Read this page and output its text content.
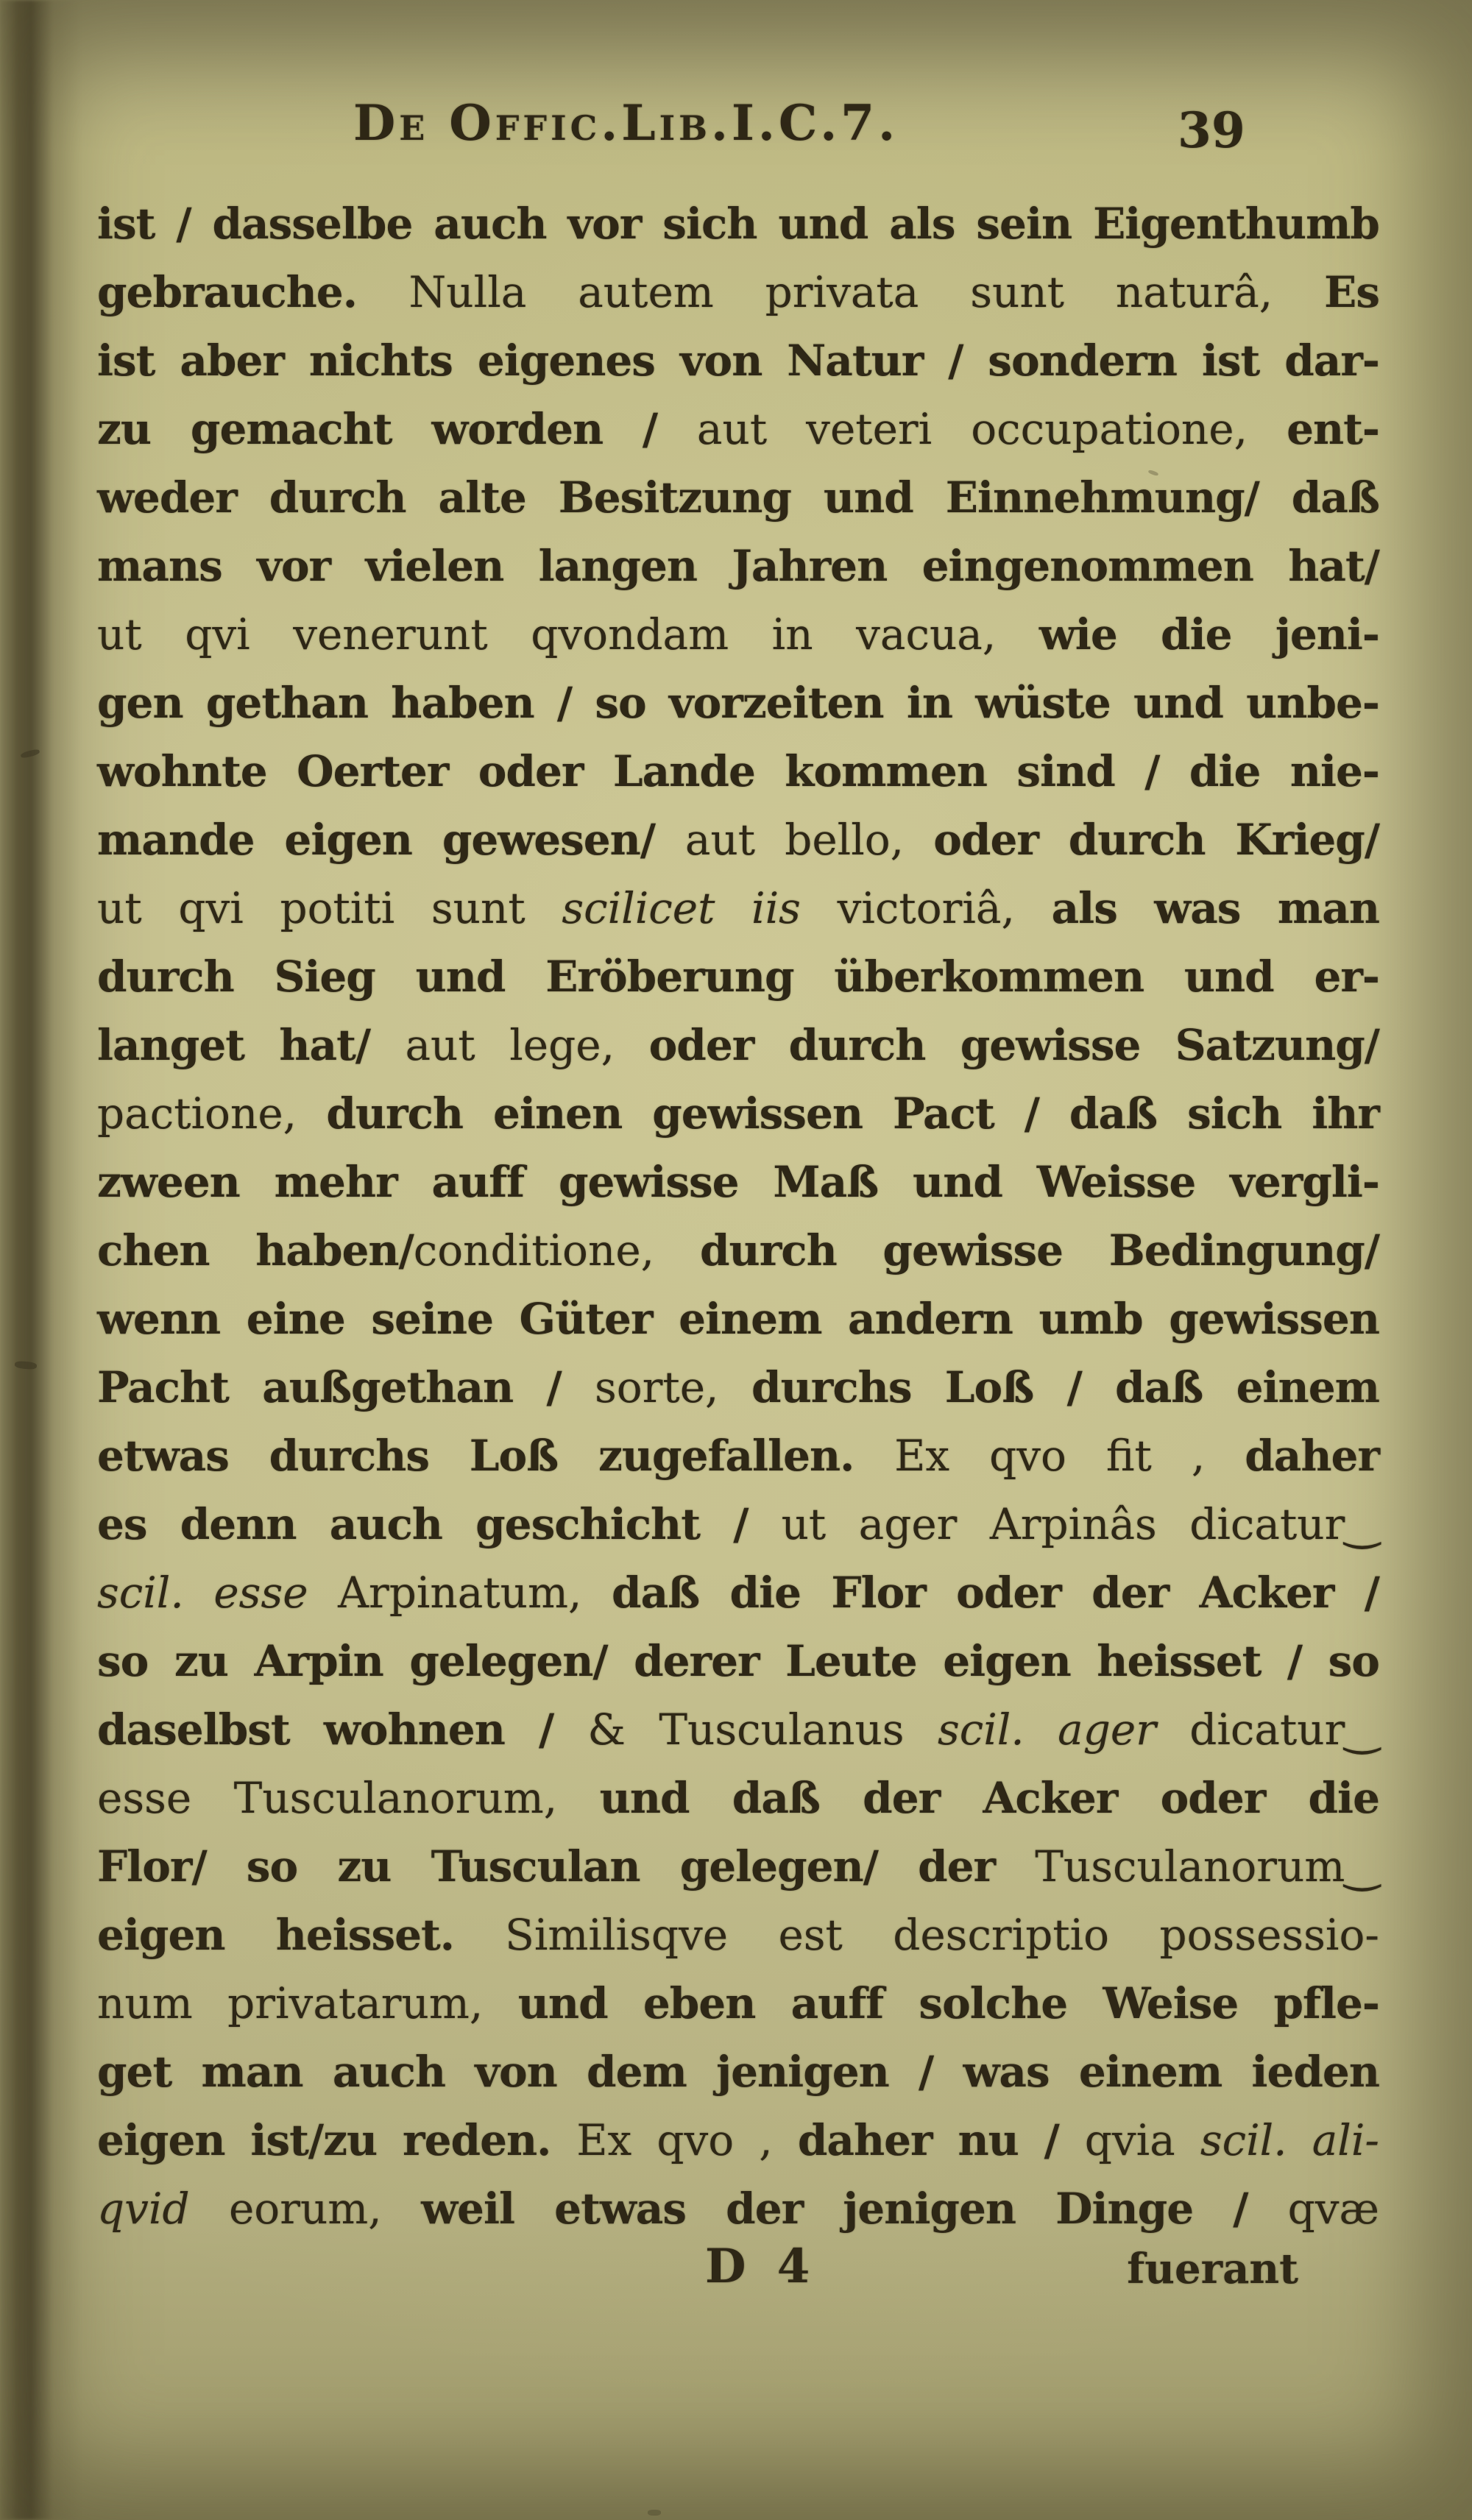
De Offic.Lib.I.C.7.	39
ist / dasselbe auch vor sich und als sein Eigenthumb
gebrauche. Nulla autem privata sunt naturâ, Es
ist aber nichts eigenes von Natur / sondern ist dar-
zu gemacht worden / aut veteri occupatione, ent-
weder durch alte Besitzung und Einnehmung/ daß
mans vor vielen langen Jahren eingenommen hat/
ut qvi venerunt qvondam in vacua, wie die jeni-
gen gethan haben / so vorzeiten in wüste und unbe-
wohnte Oerter oder Lande kommen sind / die nie-
mande eigen gewesen/ aut bello, oder durch Krieg/
ut qvi potiti sunt scilicet iis victoriâ, als was man
durch Sieg und Eröberung überkommen und er-
langet hat/ aut lege, oder durch gewisse Satzung/
pactione, durch einen gewissen Pact / daß sich ihr
zween mehr auff gewisse Maß und Weisse vergli-
chen haben/conditione, durch gewisse Bedingung/
wenn eine seine Güter einem andern umb gewissen
Pacht außgethan / sorte, durchs Loß / daß einem
etwas durchs Loß zugefallen. Ex qvo fit , daher
es denn auch geschicht / ut ager Arpinâs dicatur‿
scil. esse Arpinatum, daß die Flor oder der Acker /
so zu Arpin gelegen/ derer Leute eigen heisset / so
daselbst wohnen / & Tusculanus scil. ager dicatur‿
esse Tusculanorum, und daß der Acker oder die
Flor/ so zu Tusculan gelegen/ der Tusculanorum‿
eigen heisset. Similisqve est descriptio possessio-
num privatarum, und eben auff solche Weise pfle-
get man auch von dem jenigen / was einem ieden
eigen ist/zu reden. Ex qvo , daher nu / qvia scil. ali-
qvid eorum, weil etwas der jenigen Dinge / qvæ
D 4	fuerant
